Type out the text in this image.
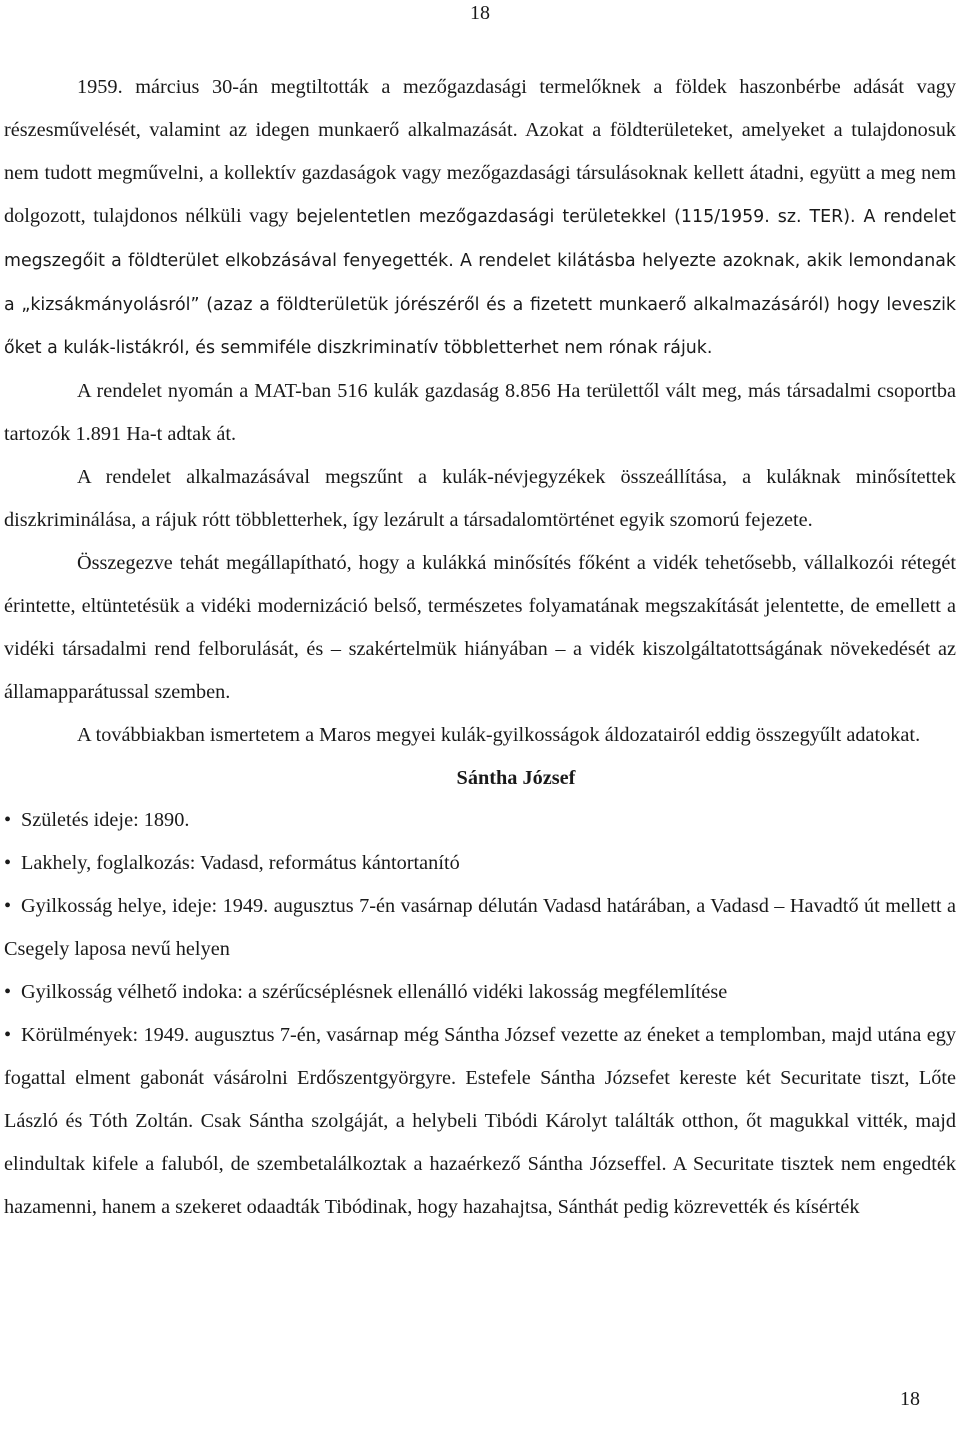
18

1959. március 30-án megtiltották a mezőgazdasági termelőknek a földek haszonbérbe adását vagy részesművelését, valamint az idegen munkaerő alkalmazását. Azokat a földterületeket, amelyeket a tulajdonosuk nem tudott megművelni, a kollektív gazdaságok vagy mezőgazdasági társulásoknak kellett átadni, együtt a meg nem dolgozott, tulajdonos nélküli vagy bejelentetlen mezőgazdasági területekkel (115/1959. sz. TER). A rendelet megszegőit a földterület elkobzásával fenyegették. A rendelet kilátásba helyezte azoknak, akik lemondanak a „kizsákmányolásról” (azaz a földterületük jórészéről és a fizetett munkaerő alkalmazásáról) hogy leveszik őket a kulák-listákról, és semmiféle diszkriminatív többletterhet nem rónak rájuk.

A rendelet nyomán a MAT-ban 516 kulák gazdaság 8.856 Ha területtől vált meg, más társadalmi csoportba tartozók 1.891 Ha-t adtak át.

A rendelet alkalmazásával megszűnt a kulák-névjegyzékek összeállítása, a kuláknak minősítettek diszkriminálása, a rájuk rótt többletterhek, így lezárult a társadalomtörténet egyik szomorú fejezete.

Összegezve tehát megállapítható, hogy a kulákká minősítés főként a vidék tehetősebb, vállalkozói rétegét érintette, eltüntetésük a vidéki modernizáció belső, természetes folyamatának megszakítását jelentette, de emellett a vidéki társadalmi rend felborulását, és – szakértelmük hiányában – a vidék kiszolgáltatottságának növekedését az államapparátussal szemben.

A továbbiakban ismertetem a Maros megyei kulák-gyilkosságok áldozatairól eddig összegyűlt adatokat.

Sántha József

• Születés ideje: 1890.

• Lakhely, foglalkozás: Vadasd, református kántortanító

• Gyilkosság helye, ideje: 1949. augusztus 7-én vasárnap délután Vadasd határában, a Vadasd – Havadtő út mellett a Csegely laposa nevű helyen

• Gyilkosság vélhető indoka: a szérűcséplésnek ellenálló vidéki lakosság megfélemlítése

• Körülmények: 1949. augusztus 7-én, vasárnap még Sántha József vezette az éneket a templomban, majd utána egy fogattal elment gabonát vásárolni Erdőszentgyörgyre. Estefele Sántha Józsefet kereste két Securitate tiszt, Lőte László és Tóth Zoltán. Csak Sántha szolgáját, a helybeli Tibódi Károlyt találták otthon, őt magukkal vitték, majd elindultak kifele a faluból, de szembetalálkoztak a hazaérkező Sántha Józseffel. A Securitate tisztek nem engedték hazamenni, hanem a szekeret odaadták Tibódinak, hogy hazahajtsa, Sánthát pedig közrevették és kísérték

18
